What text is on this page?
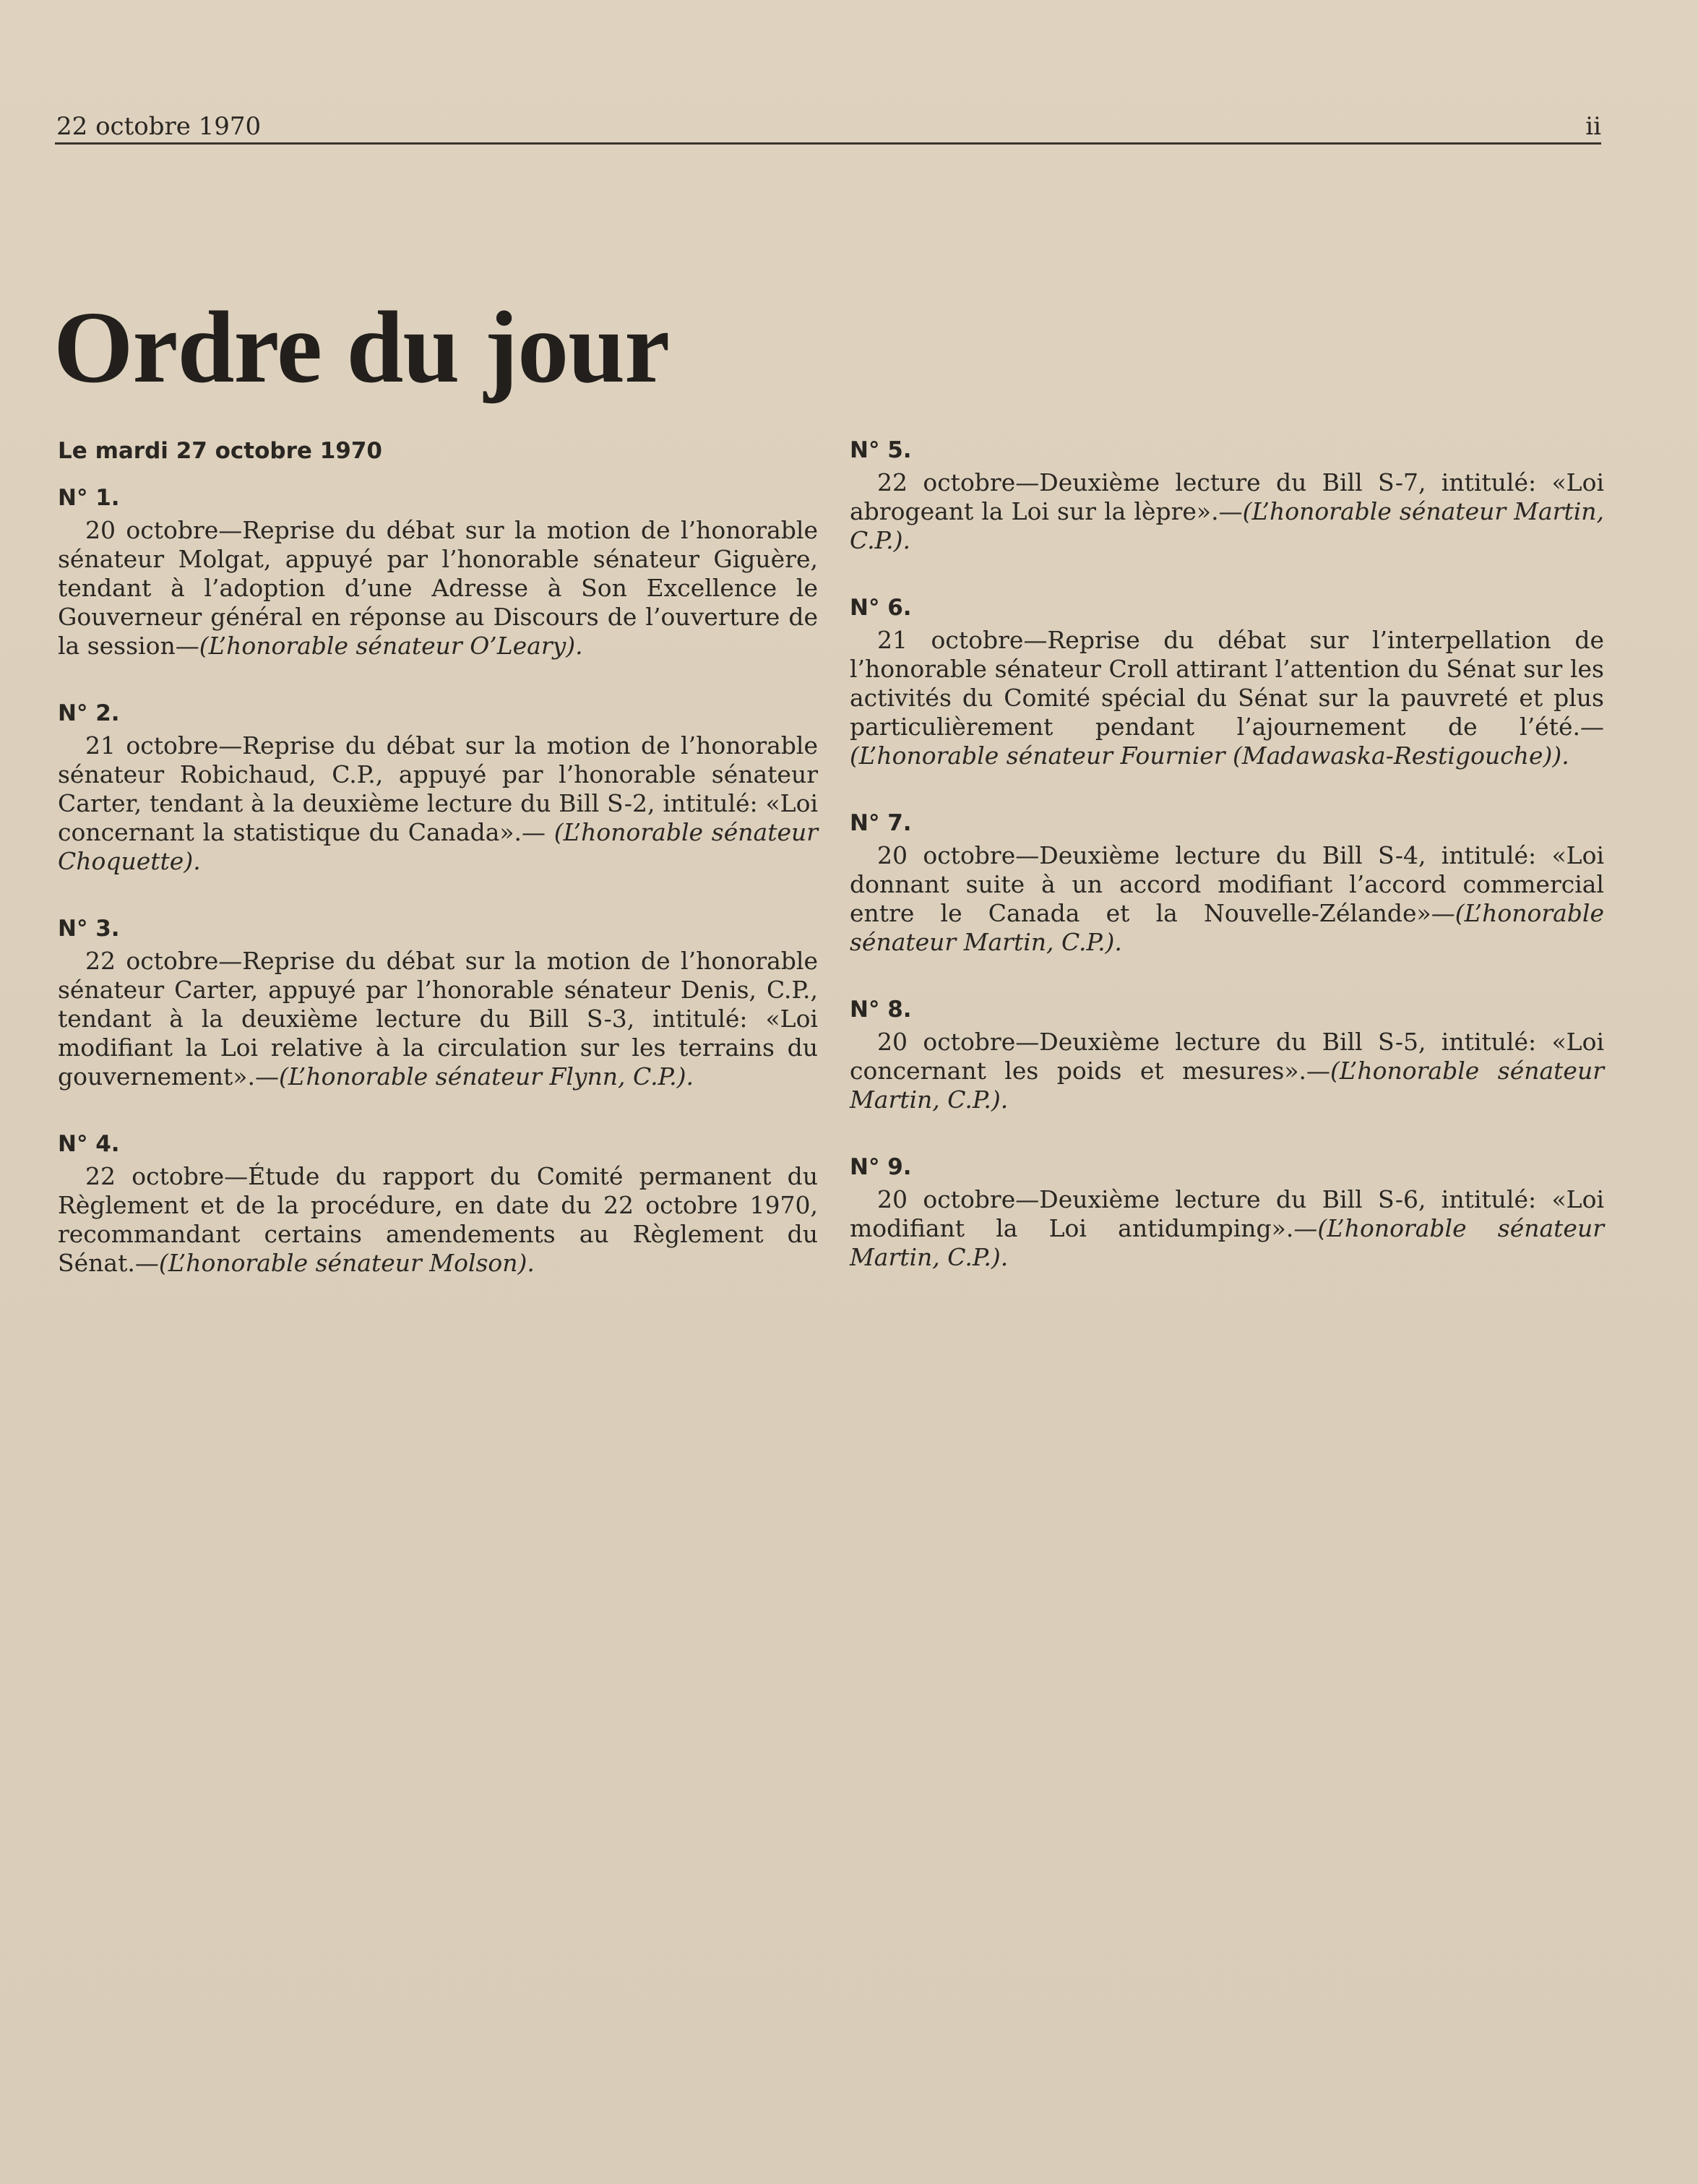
22 octobre 1970	ii
Ordre du jour

Le mardi 27 octobre 1970

N° 1.

20 octobre—Reprise du débat sur la motion de l’honorable sénateur Molgat, appuyé par l’honorable sénateur Giguère, tendant à l’adoption d’une Adresse à Son Excellence le Gouverneur général en réponse au Discours de l’ouverture de la session—(L’honorable sénateur O’Leary).

N° 2.

21 octobre—Reprise du débat sur la motion de l’honorable sénateur Robichaud, C.P., appuyé par l’honorable sénateur Carter, tendant à la deuxième lecture du Bill S-2, intitulé: «Loi concernant la statistique du Canada».— (L’honorable sénateur Choquette).

N° 3.

22 octobre—Reprise du débat sur la motion de l’honorable sénateur Carter, appuyé par l’honorable sénateur Denis, C.P., tendant à la deuxième lecture du Bill S-3, intitulé: «Loi modifiant la Loi relative à la circulation sur les terrains du gouvernement».—(L’honorable sénateur Flynn, C.P.).

N° 4.

22 octobre—Étude du rapport du Comité permanent du Règlement et de la procédure, en date du 22 octobre 1970, recommandant certains amendements au Règlement du Sénat.—(L’honorable sénateur Molson).

N° 5.

22 octobre—Deuxième lecture du Bill S-7, intitulé: «Loi abrogeant la Loi sur la lèpre».—(L’honorable sénateur Martin, C.P.).

N° 6.

21 octobre—Reprise du débat sur l’interpellation de l’honorable sénateur Croll attirant l’attention du Sénat sur les activités du Comité spécial du Sénat sur la pauvreté et plus particulièrement pendant l’ajournement de l’été.—(L’honorable sénateur Fournier (Madawaska-Restigouche)).

N° 7.

20 octobre—Deuxième lecture du Bill S-4, intitulé: «Loi donnant suite à un accord modifiant l’accord commercial entre le Canada et la Nouvelle-Zélande»—(L’honorable sénateur Martin, C.P.).

N° 8.

20 octobre—Deuxième lecture du Bill S-5, intitulé: «Loi concernant les poids et mesures».—(L’honorable sénateur Martin, C.P.).

N° 9.

20 octobre—Deuxième lecture du Bill S-6, intitulé: «Loi modifiant la Loi antidumping».—(L’honorable sénateur Martin, C.P.).
